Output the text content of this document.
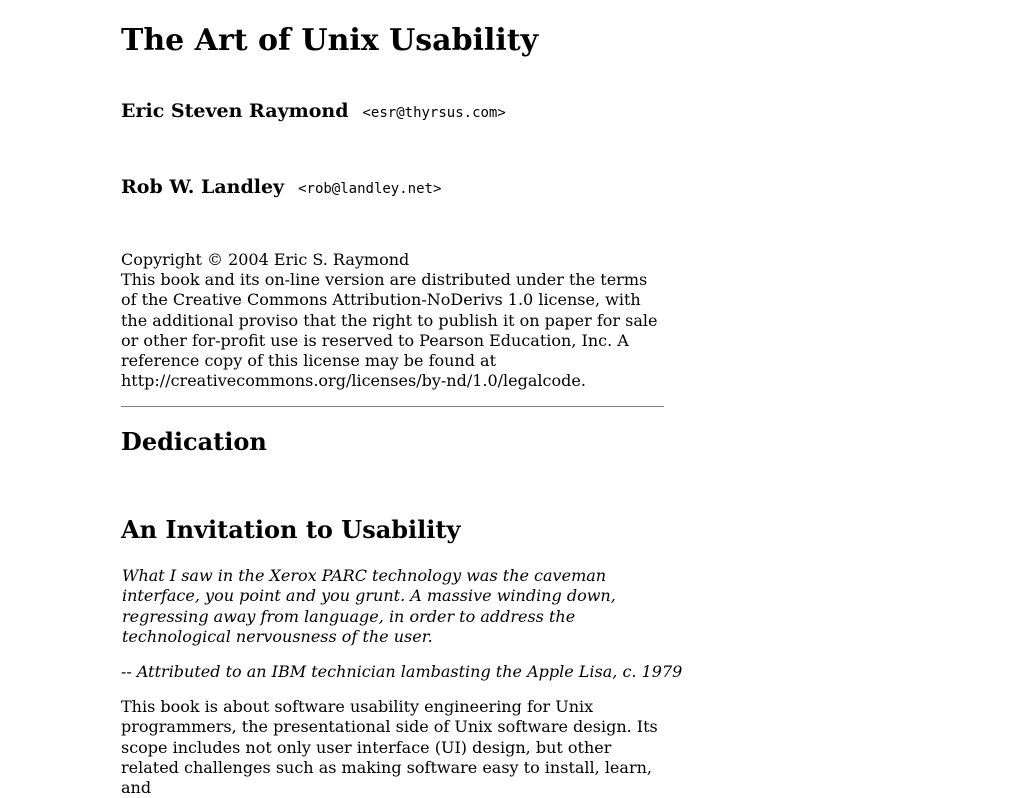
The Art of Unix Usability
Eric Steven Raymond <esr@thyrsus.com>
Rob W. Landley <rob@landley.net>

Copyright © 2004 Eric S. Raymond

This book and its on-line version are distributed under the terms of the Creative Commons Attribution-NoDerivs 1.0 license, with the additional proviso that the right to publish it on paper for sale or other for-profit use is reserved to Pearson Education, Inc. A reference copy of this license may be found at http://creativecommons.org/licenses/by-nd/1.0/legalcode.

Dedication
An Invitation to Usability

What I saw in the Xerox PARC technology was the caveman interface, you point and you grunt. A massive winding down, regressing away from language, in order to address the technological nervousness of the user.

-- Attributed to an IBM technician lambasting the Apple Lisa, c. 1979

This book is about software usability engineering for Unix programmers, the presentational side of Unix software design. Its scope includes not only user interface (UI) design, but other related challenges such as making software easy to install, learn, and
